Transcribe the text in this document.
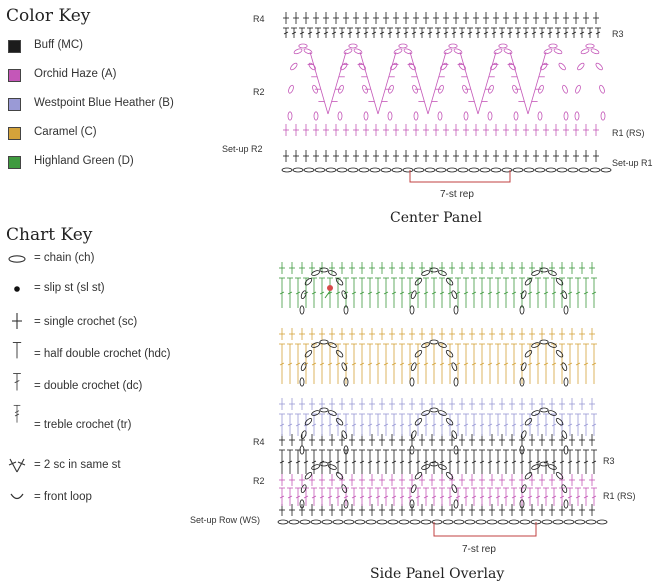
Color Key
Buff (MC)
Orchid Haze (A)
Westpoint Blue Heather (B)
Caramel (C)
Highland Green (D)
Chart Key
= chain (ch)
= slip st (sl st)
= single crochet (sc)
= half double crochet (hdc)
= double crochet (dc)
= treble crochet (tr)
= 2 sc in same st
= front loop
R4
R3
R2
R1 (RS)
Set-up R2
Set-up R1
7-st rep
Center Panel
R4
R3
R2
R1 (RS)
Set-up Row (WS)
7-st rep
Side Panel Overlay
